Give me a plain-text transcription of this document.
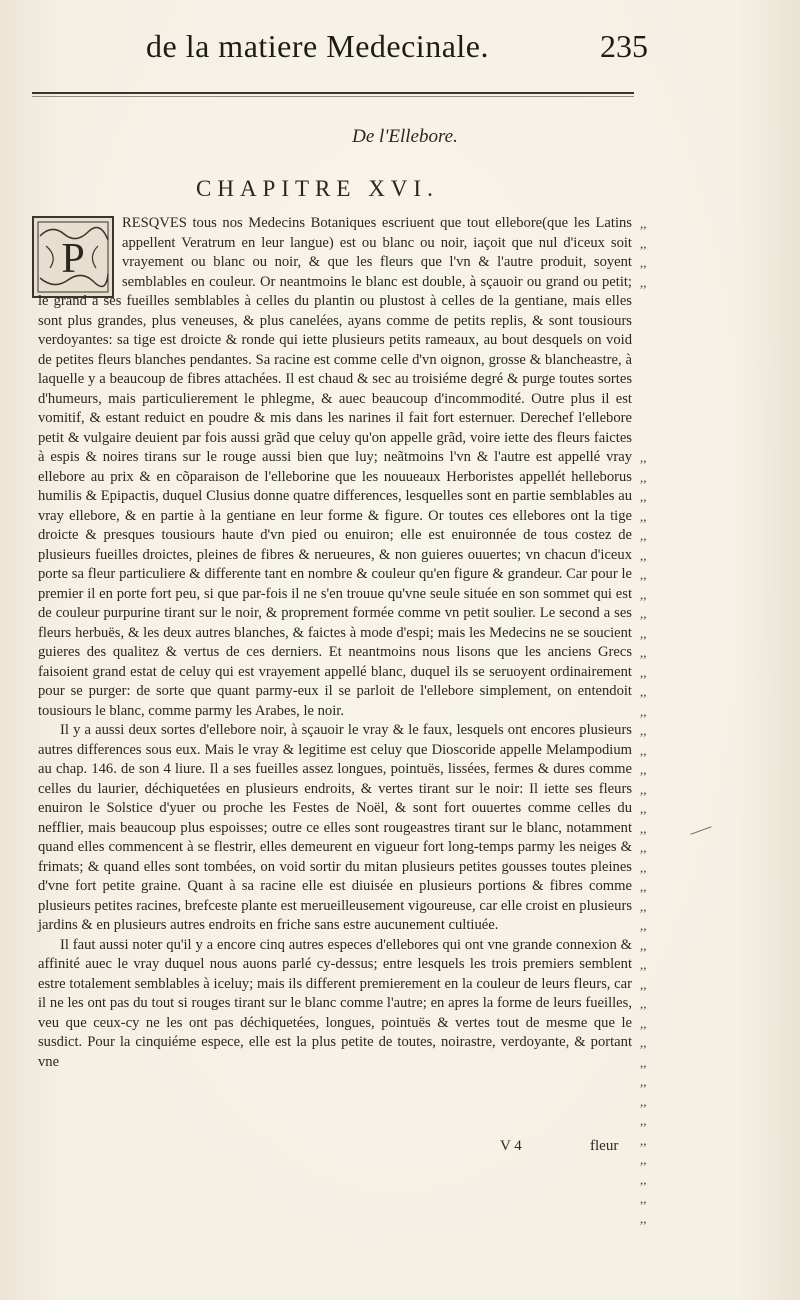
de la matiere Medecinale.	235
De l'Ellebore.
CHAPITRE XVI.
P

RESQVES tous nos Medecins Botaniques escriuent que tout ellebore(que les Latins appellent Veratrum en leur langue) est ou blanc ou noir, iaçoit que nul d'iceux soit vrayement ou blanc ou noir, & que les fleurs que l'vn & l'autre produit, soyent semblables en couleur. Or neantmoins le blanc est double, à sçauoir ou grand ou petit; le grand a ses fueilles semblables à celles du plantin ou plustost à celles de la gentiane, mais elles sont plus grandes, plus veneuses, & plus canelées, ayans comme de petits replis, & sont tousiours verdoyantes: sa tige est droicte & ronde qui iette plusieurs petits rameaux, au bout desquels on void de petites fleurs blanches pendantes. Sa racine est comme celle d'vn oignon, grosse & blancheastre, à laquelle y a beaucoup de fibres attachées. Il est chaud & sec au troisiéme degré & purge toutes sortes d'humeurs, mais particulierement le phlegme, & auec beaucoup d'incommodité. Outre plus il est vomitif, & estant reduict en poudre & mis dans les narines il fait fort esternuer. Derechef l'ellebore petit & vulgaire deuient par fois aussi grãd que celuy qu'on appelle grãd, voire iette des fleurs faictes à espis & noires tirans sur le rouge aussi bien que luy; neãtmoins l'vn & l'autre est appellé vray ellebore au prix & en cõparaison de l'elleborine que les nouueaux Herboristes appellét helleborus humilis & Epipactis, duquel Clusius donne quatre differences, lesquelles sont en partie semblables au vray ellebore, & en partie à la gentiane en leur forme & figure. Or toutes ces ellebores ont la tige droicte & presques tousiours haute d'vn pied ou enuiron; elle est enuironnée de tous costez de plusieurs fueilles droictes, pleines de fibres & nerueures, & non guieres ouuertes; vn chacun d'iceux porte sa fleur particuliere & differente tant en nombre & couleur qu'en figure & grandeur. Car pour le premier il en porte fort peu, si que par-fois il ne s'en trouue qu'vne seule située en son sommet qui est de couleur purpurine tirant sur le noir, & proprement formée comme vn petit soulier. Le second a ses fleurs herbuës, & les deux autres blanches, & faictes à mode d'espi; mais les Medecins ne se soucient guieres des qualitez & vertus de ces derniers. Et neantmoins nous lisons que les anciens Grecs faisoient grand estat de celuy qui est vrayement appellé blanc, duquel ils se seruoyent ordinairement pour se purger: de sorte que quant parmy-eux il se parloit de l'ellebore simplement, on entendoit tousiours le blanc, comme parmy les Arabes, le noir.

Il y a aussi deux sortes d'ellebore noir, à sçauoir le vray & le faux, lesquels ont encores plusieurs autres differences sous eux. Mais le vray & legitime est celuy que Dioscoride appelle Melampodium au chap. 146. de son 4 liure. Il a ses fueilles assez longues, pointuës, lissées, fermes & dures comme celles du laurier, déchiquetées en plusieurs endroits, & vertes tirant sur le noir: Il iette ses fleurs enuiron le Solstice d'yuer ou proche les Festes de Noël, & sont fort ouuertes comme celles du nefflier, mais beaucoup plus espoisses; outre ce elles sont rougeastres tirant sur le blanc, notamment quand elles commencent à se flestrir, elles demeurent en vigueur fort long-temps parmy les neiges & frimats; & quand elles sont tombées, on void sortir du mitan plusieurs petites gousses toutes pleines d'vne fort petite graine. Quant à sa racine elle est diuisée en plusieurs portions & fibres comme plusieurs petites racines, brefceste plante est merueilleusement vigoureuse, car elle croist en plusieurs jardins & en plusieurs autres endroits en friche sans estre aucunement cultiuée.

Il faut aussi noter qu'il y a encore cinq autres especes d'ellebores qui ont vne grande connexion & affinité auec le vray duquel nous auons parlé cy-dessus; entre lesquels les trois premiers semblent estre totalement semblables à iceluy; mais ils different premierement en la couleur de leurs fleurs, car il ne les ont pas du tout si rouges tirant sur le blanc comme l'autre; en apres la forme de leurs fueilles, veu que ceux-cy ne les ont pas déchiquetées, longues, pointuës & vertes tout de mesme que le susdict. Pour la cinquiéme espece, elle est la plus petite de toutes, noirastre, verdoyante, & portant vne

,,
,,
,,
,,
,,
,,
,,
,,
,,
,,
,,
,,
,,
,,
,,
,,
,,
,,
,,
,,
,,
,,
,,
,,
,,
,,
,,
,,
,,
,,
,,
,,
,,
,,
,,
,,
,,
,,
,,
,,
,,
,,
,,
,,
V 4	fleur
